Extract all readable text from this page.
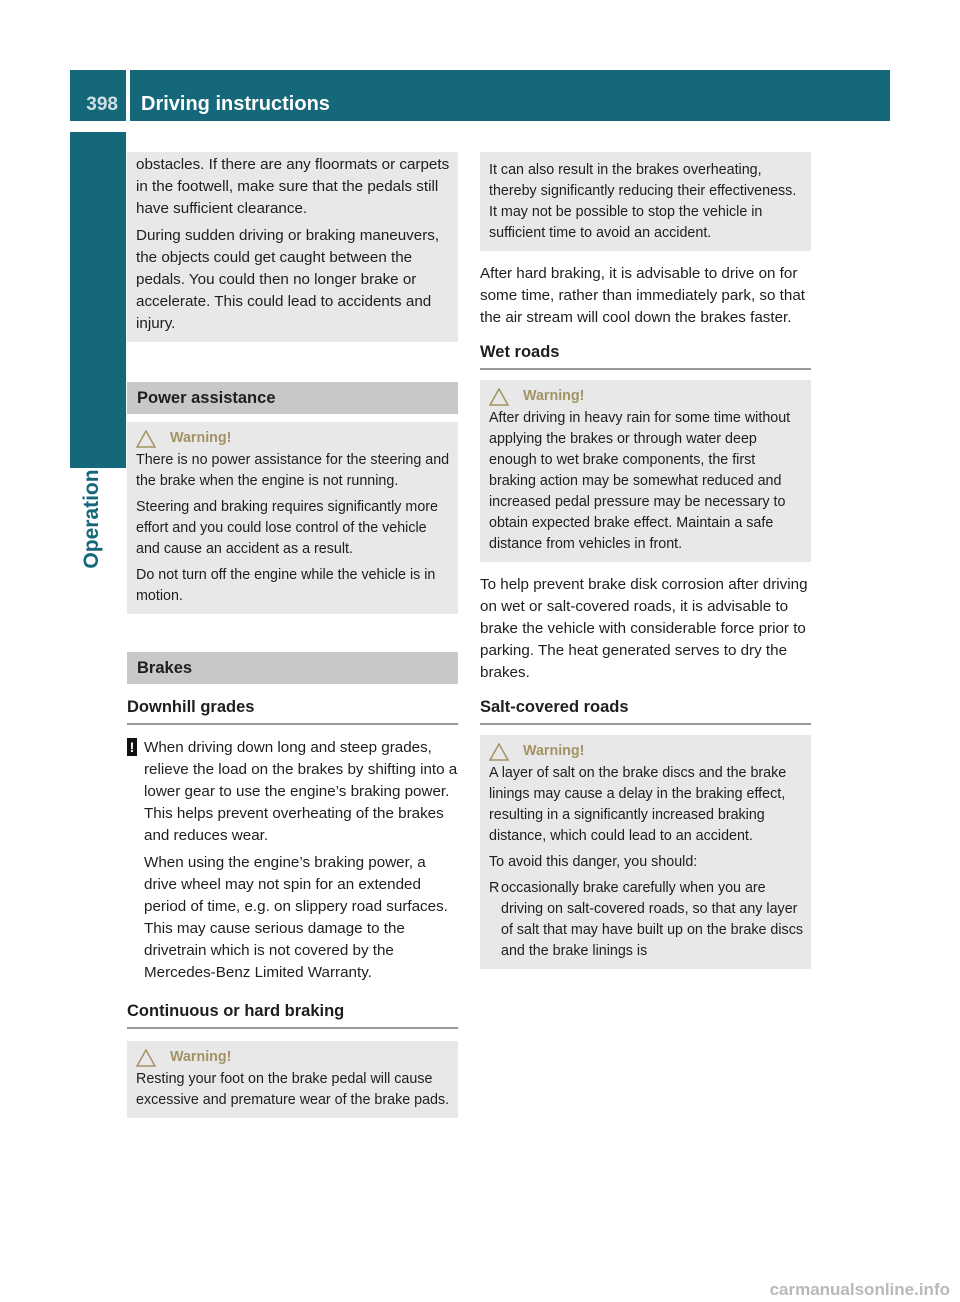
398 Driving instructions
Operation

obstacles. If there are any floormats or carpets in the footwell, make sure that the pedals still have sufficient clearance.

During sudden driving or braking maneuvers, the objects could get caught between the pedals. You could then no longer brake or accelerate. This could lead to accidents and injury.

Power assistance
Warning!

There is no power assistance for the steering and the brake when the engine is not running.

Steering and braking requires significantly more effort and you could lose control of the vehicle and cause an accident as a result.

Do not turn off the engine while the vehicle is in motion.

Brakes
Downhill grades

! When driving down long and steep grades, relieve the load on the brakes by shifting into a lower gear to use the engine’s braking power. This helps prevent overheating of the brakes and reduces wear.

When using the engine’s braking power, a drive wheel may not spin for an extended period of time, e.g. on slippery road surfaces. This may cause serious damage to the drivetrain which is not covered by the Mercedes-Benz Limited Warranty.

Continuous or hard braking
Warning!

Resting your foot on the brake pedal will cause excessive and premature wear of the brake pads.

It can also result in the brakes overheating, thereby significantly reducing their effectiveness. It may not be possible to stop the vehicle in sufficient time to avoid an accident.

After hard braking, it is advisable to drive on for some time, rather than immediately park, so that the air stream will cool down the brakes faster.

Wet roads
Warning!

After driving in heavy rain for some time without applying the brakes or through water deep enough to wet brake components, the first braking action may be somewhat reduced and increased pedal pressure may be necessary to obtain expected brake effect. Maintain a safe distance from vehicles in front.

To help prevent brake disk corrosion after driving on wet or salt-covered roads, it is advisable to brake the vehicle with considerable force prior to parking. The heat generated serves to dry the brakes.

Salt-covered roads
Warning!

A layer of salt on the brake discs and the brake linings may cause a delay in the braking effect, resulting in a significantly increased braking distance, which could lead to an accident.

To avoid this danger, you should:

R occasionally brake carefully when you are driving on salt-covered roads, so that any layer of salt that may have built up on the brake discs and the brake linings is

carmanualsonline.info
